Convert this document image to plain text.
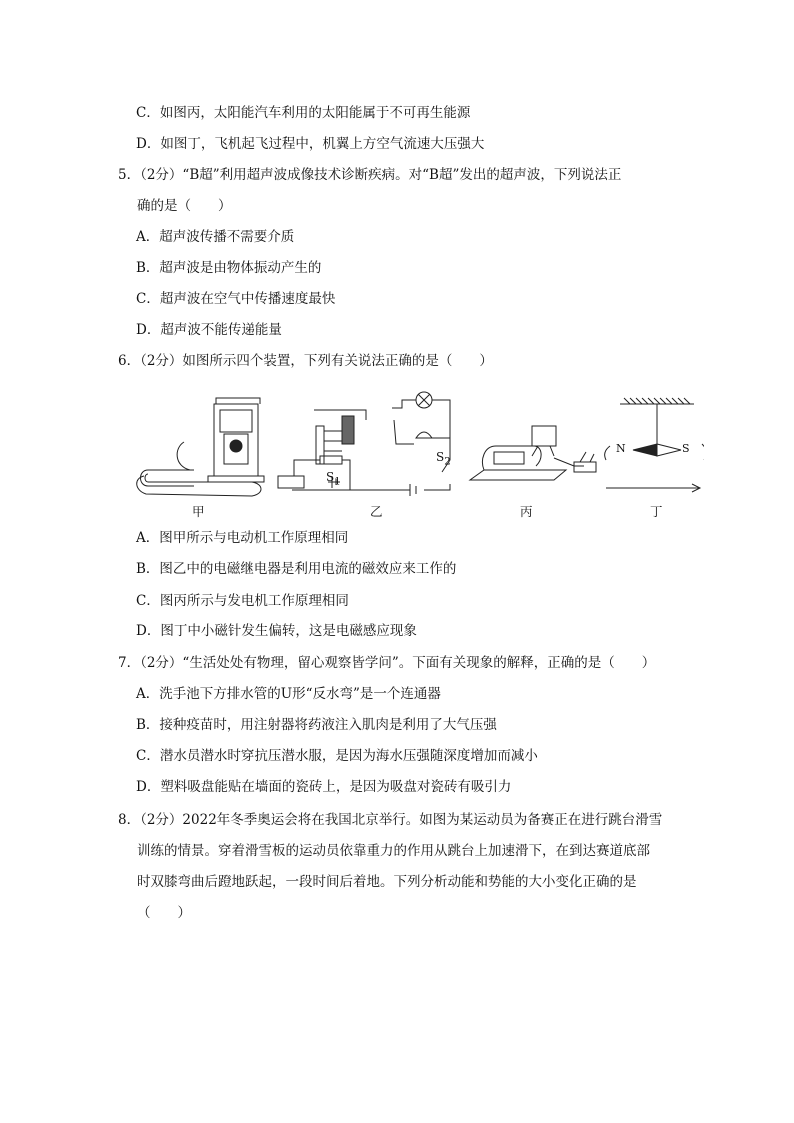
C．如图丙，太阳能汽车利用的太阳能属于不可再生能源
D．如图丁，飞机起飞过程中，机翼上方空气流速大压强大
5．（2分）“B超”利用超声波成像技术诊断疾病。对“B超”发出的超声波，下列说法正
确的是（　　）
A．超声波传播不需要介质
B．超声波是由物体振动产生的
C．超声波在空气中传播速度最快
D．超声波不能传递能量
6．（2分）如图所示四个装置，下列有关说法正确的是（　　）
$S_1$
$S_2$
N	S
甲	乙	丙	丁
A．图甲所示与电动机工作原理相同
B．图乙中的电磁继电器是利用电流的磁效应来工作的
C．图丙所示与发电机工作原理相同
D．图丁中小磁针发生偏转，这是电磁感应现象
7．（2分）“生活处处有物理，留心观察皆学问”。下面有关现象的解释，正确的是（　　）
A．洗手池下方排水管的U形“反水弯”是一个连通器
B．接种疫苗时，用注射器将药液注入肌肉是利用了大气压强
C．潜水员潜水时穿抗压潜水服，是因为海水压强随深度增加而减小
D．塑料吸盘能贴在墙面的瓷砖上，是因为吸盘对瓷砖有吸引力
8．（2分）2022年冬季奥运会将在我国北京举行。如图为某运动员为备赛正在进行跳台滑雪
训练的情景。穿着滑雪板的运动员依靠重力的作用从跳台上加速滑下，在到达赛道底部
时双膝弯曲后蹬地跃起，一段时间后着地。下列分析动能和势能的大小变化正确的是
（　　）
